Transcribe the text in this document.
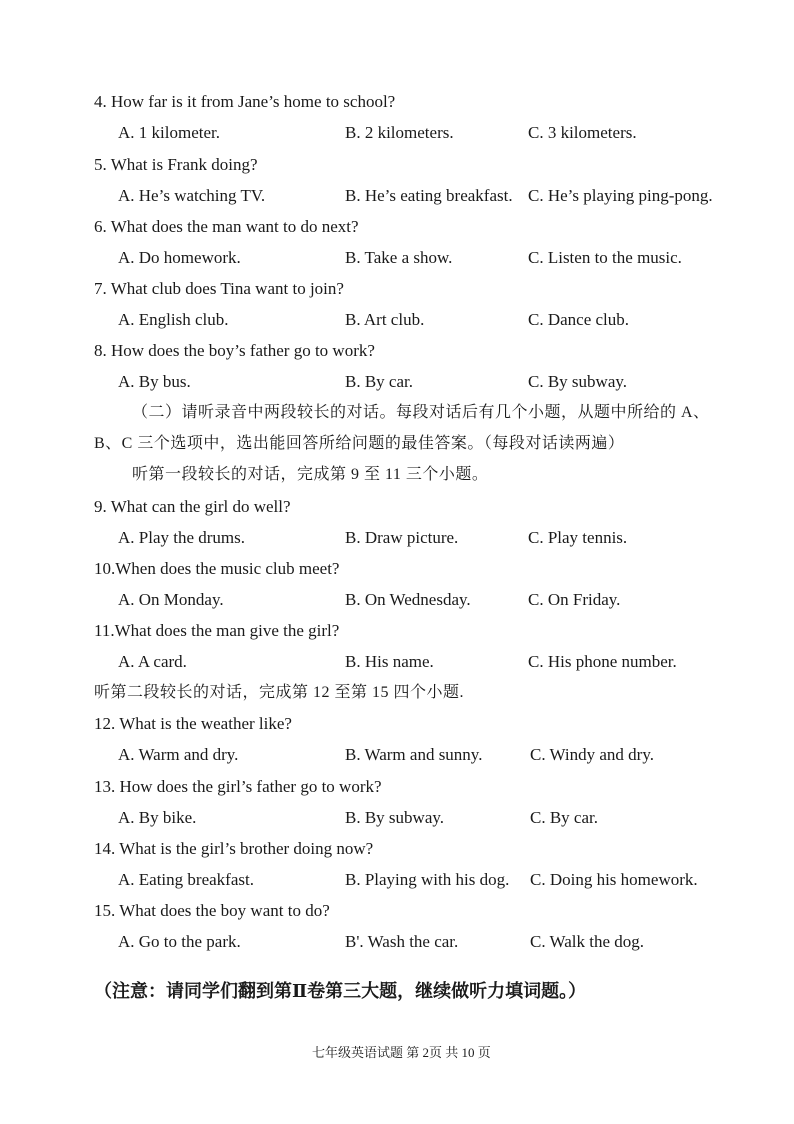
4. How far is it from Jane’s home to school?
A. 1 kilometer.	B. 2 kilometers.	C. 3 kilometers.
5. What is Frank doing?
A. He’s watching TV.	B. He’s eating breakfast. C. He’s playing ping-pong.
6. What does the man want to do next?
A. Do homework.	B. Take a show.	C. Listen to the music.
7. What club does Tina want to join?
A. English club.	B. Art club.	C. Dance club.
8. How does the boy’s father go to work?
A. By bus.	B. By car.	C. By subway.
（二）请听录音中两段较长的对话。每段对话后有几个小题，从题中所给的 A、
B、C 三个选项中，选出能回答所给问题的最佳答案。（每段对话读两遍）
听第一段较长的对话，完成第 9 至 11 三个小题。
9. What can the girl do well?
A. Play the drums.	B. Draw picture.	C. Play tennis.
10.When does the music club meet?
A. On Monday.	B. On Wednesday.	C. On Friday.
11.What does the man give the girl?
A. A card.	B. His name.	C. His phone number.
听第二段较长的对话，完成第 12 至第 15 四个小题.
12. What is the weather like?
A. Warm and dry.	B. Warm and sunny.	C. Windy and dry.
13. How does the girl’s father go to work?
A. By bike.	B. By subway.	C. By car.
14. What is the girl’s brother doing now?
A. Eating breakfast.	B. Playing with his dog. C. Doing his homework.
15. What does the boy want to do?
A. Go to the park.	B'. Wash the car.	C. Walk the dog.
（注意：请同学们翻到第Ⅱ卷第三大题，继续做听力填词题。）
七年级英语试题 第 2页 共 10 页
